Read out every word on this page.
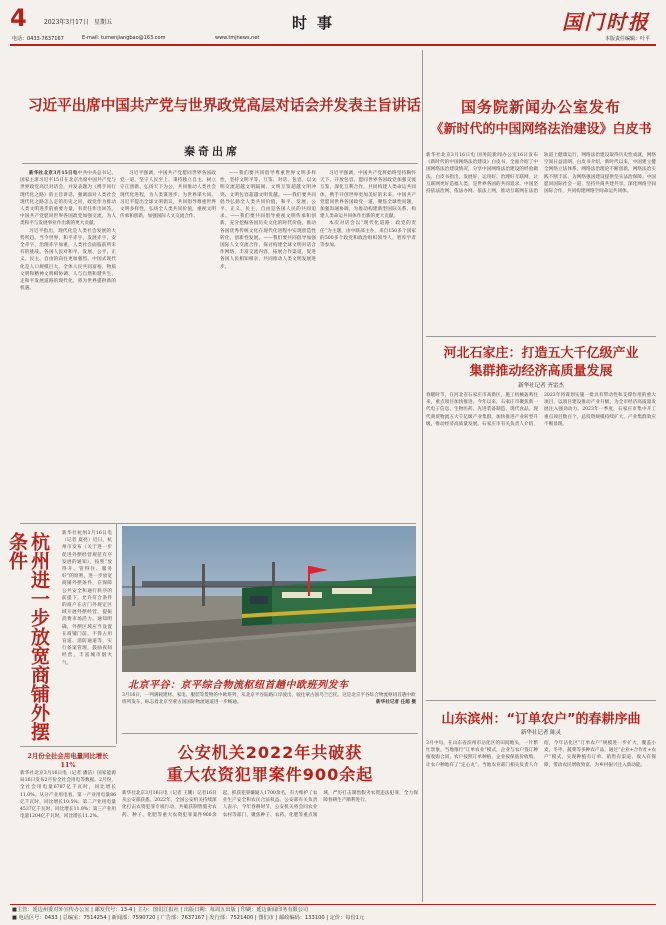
4	2023年3月17日 星期五	时事	国门时报
电话：0433-7637167	E-mail: tumenjiangbao@163.com	www.tmjnews.net	本版责任编辑：叶平
习近平出席中国共产党与世界政党高层对话会并发表主旨讲话
秦奇出席

新华社北京3月15日电中共中央总书记、国家主席习近平15日在北京出席中国共产党与世界政党高层对话会，并发表题为《携手同行现代化之路》的主旨讲话，强调面对人类社会现代化之路怎么走的历史之问，政党作为推动人类文明进步的重要力量，有责任作出回答。中国共产党愿同世界各国政党加强交流，为人类和平与发展事业作出新的更大贡献。

习近平指出，现代化是人类社会发展的大势所趋。当今世界，和平赤字、发展赤字、安全赤字、治理赤字加重，人类社会面临前所未有的挑战。各国人民对和平、发展、公平、正义、民主、自由的向往更加强烈。中国式现代化是人口规模巨大、全体人民共同富裕、物质文明和精神文明相协调、人与自然和谐共生、走和平发展道路的现代化，将为世界提供新的机遇。

习近平强调，中国共产党愿同世界各国政党一道，坚守人民至上、秉持独立自主、树立守正创新、弘扬天下为公，共同推动人类社会现代化进程，为人类谋进步、为世界谋大同。习近平提出全球文明倡议，共同倡导尊重世界文明多样性，弘扬全人类共同价值，重视文明传承和创新，加强国际人文交流合作。

——我们要共同倡导尊重世界文明多样性，坚持文明平等、互鉴、对话、包容，以文明交流超越文明隔阂、文明互鉴超越文明冲突、文明包容超越文明优越。——我们要共同倡导弘扬全人类共同价值，和平、发展、公平、正义、民主、自由是各国人民的共同追求。——我们要共同倡导重视文明传承和创新，充分挖掘各国历史文化的时代价值，推动各国优秀传统文化在现代化进程中实现创造性转化、创新性发展。——我们要共同倡导加强国际人文交流合作，探讨构建全球文明对话合作网络，丰富交流内容，拓展合作渠道，促进各国人民相知相亲，共同推动人类文明发展进步。

习近平强调，中国共产党将始终坚持胸怀天下、开放包容，愿同世界各国政党加强交流互鉴，深化互利合作，共同构建人类命运共同体，携手开创世界更加美好的未来。中国共产党愿同世界各国政党一道，聚焦全球性问题，加强沟通协调，为推动构建新型国际关系、构建人类命运共同体作出新的更大贡献。

本次对话会以“现代化道路：政党的责任”为主题，由中联部主办，来自150多个国家的500多个政党和政治组织领导人、智库学者等参加。

杭州进一步放宽商铺外摆条件	新华社杭州3月16日电（记者 夏亮）近日，杭州市发布《关于进一步促进外摆经营规范有序发展的通知》，按照“放得开、管得住、服务好”的原则，进一步放宽商铺外摆条件，在保障公共安全和通行秩序的前提下，允许符合条件的商户在店门外规定区域开展外摆经营，提振消费市场活力。通知明确，外摆区域应当设置在商铺门前，不得占用盲道、消防通道等，实行备案管理，鼓励夜间经营，丰富城市烟火气。
北京平谷：京平综合物流枢纽首趟中欧班列发车
3月16日，一列满载建材、家电、服装等货物的中欧班列，从北京平谷陆路口岸驶出，驶往蒙古国乌兰巴托。这是北京平谷综合物流枢纽首趟中欧班列发车，标志着北京至蒙古国国际物流通道进一步畅通。	新华社记者 任超 摄
2月份全社会用电量同比增长11%
新华社北京3月16日电（记者 潘洁）国家能源局16日发布2月份全社会用电等数据。2月份，全社会用电量6787亿千瓦时，同比增长11.0%。从分产业用电看，第一产业用电量86亿千瓦时，同比增长10.5%；第二产业用电量4537亿千瓦时，同比增长11.9%；第三产业用电量1204亿千瓦时，同比增长11.2%。
公安机关2022年共破获
重大农资犯罪案件900余起
新华社北京3月16日电（记者 王鹏）记者16日从公安部获悉，2022年，全国公安机关持续深化打击农资犯罪专项行动，共破获制售假劣农药、种子、化肥等重大农资犯罪案件900余起，抓获犯罪嫌疑人1700余名，有力维护了农业生产安全和农民合法权益。公安部有关负责人表示，今年春耕时节，公安机关将会同农业农村等部门，聚焦种子、农药、化肥等重点领域，严厉打击制售假劣农资违法犯罪，全力保障春耕生产顺利进行。
国务院新闻办公室发布
《新时代的中国网络法治建设》白皮书
新华社北京3月16日电 国务院新闻办公室16日发布《新时代的中国网络法治建设》白皮书，全面介绍了中国网络法治建设情况，分享中国网络法治建设的经验做法。白皮书指出，发展好、运用好、治理好互联网，让互联网更好造福人类，是世界各国的共同追求。中国坚持依法治网、依法办网、依法上网，推动互联网在法治轨道上健康运行，网络法治建设取得历史性成就，网络空间日益清朗。白皮书介绍，新时代以来，中国建立健全网络立法体系，网络法治理论不断创新，网络法治实践不断丰富，为网络强国建设提供坚实法治保障。中国愿同国际社会一道，坚持共商共建共享，深化网络空间国际合作，共同构建网络空间命运共同体。
河北石家庄：打造五大千亿级产业
集群推动经济高质量发展
新华社记者 齐雷杰
春暖时节，在河北省石家庄市高新区，施工机械轰鸣往来，重点项目加快推进。今年以来，石家庄市聚焦新一代电子信息、生物医药、先进装备制造、现代食品、现代商贸物流五大千亿级产业集群，加快推进产业转型升级，推动经济高质量发展。石家庄市有关负责人介绍，2023年将谋划实施一批具有带动性和支撑作用的重大项目，以项目建设推动产业升级，为全市经济高质量发展注入强劲动力。2023年一季度，石家庄市集中开工重点项目数百个，总投资规模持续扩大，产业集群效应不断显现。
山东滨州：“订单农户”的春耕序曲
新华社记者 陈灵
3月中旬，在山东省滨州市沾化区的田间地头，一片繁忙景象。当地推行“订单农业”模式，企业与农户签订种植收购合同，农户按照订单种植，企业按保底价收购，让农户种地有了“定心丸”。当地农业部门相关负责人介绍，今年沾化区“订单农户”规模进一步扩大，覆盖小麦、冬枣、蔬菜等多种农产品，通过“企业+合作社+农户”模式，实现种植有订单、销售有渠道、收入有保障，带动农民增收致富，为乡村振兴注入新动能。
■主管：延边州委对外宣传办公室 | 邮发代号：13-4 | 主办：图们江报社 | 出版日期：每周五出版 | 印刷：延边新闻印务有限公司
■ 电话区号：0433 | 总编室：7514254 | 新闻部：7590720 | 广告部：7637167 | 发行部：7521400 | 图们市 | 邮政编码：133100 | 定价：每份1元
